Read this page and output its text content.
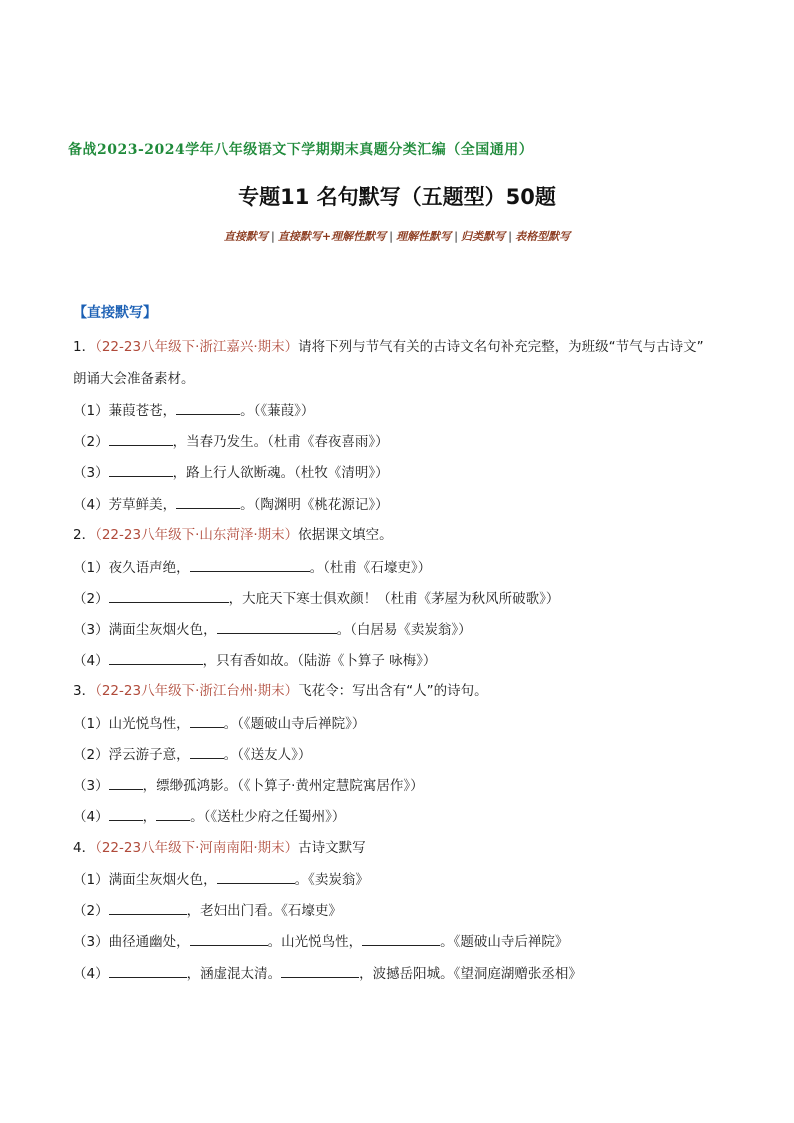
备战2023-2024学年八年级语文下学期期末真题分类汇编（全国通用）
专题11 名句默写（五题型）50题
直接默写 | 直接默写+理解性默写 | 理解性默写 | 归类默写 | 表格型默写
【直接默写】
1．（22-23八年级下·浙江嘉兴·期末）请将下列与节气有关的古诗文名句补充完整，为班级“节气与古诗文”
朗诵大会准备素材。
（1）蒹葭苍苍，	。（《蒹葭》）
（2）	，当春乃发生。（杜甫《春夜喜雨》）
（3）	，路上行人欲断魂。（杜牧《清明》）
（4）芳草鲜美，	。（陶渊明《桃花源记》）
2．（22-23八年级下·山东菏泽·期末）依据课文填空。
（1）夜久语声绝，	。（杜甫《石壕吏》）
（2）	，大庇天下寒士俱欢颜！（杜甫《茅屋为秋风所破歌》）
（3）满面尘灰烟火色，	。（白居易《卖炭翁》）
（4）	，只有香如故。（陆游《卜算子 咏梅》）
3．（22-23八年级下·浙江台州·期末）飞花令：写出含有“人”的诗句。
（1）山光悦鸟性，	。（《题破山寺后禅院》）
（2）浮云游子意，	。（《送友人》）
（3）	，缥缈孤鸿影。（《卜算子·黄州定慧院寓居作》）
（4）	，	。（《送杜少府之任蜀州》）
4．（22-23八年级下·河南南阳·期末）古诗文默写
（1）满面尘灰烟火色，	。《卖炭翁》
（2）	，老妇出门看。《石壕吏》
（3）曲径通幽处，	。山光悦鸟性，	。《题破山寺后禅院》
（4）	，涵虚混太清。	，波撼岳阳城。《望洞庭湖赠张丞相》
